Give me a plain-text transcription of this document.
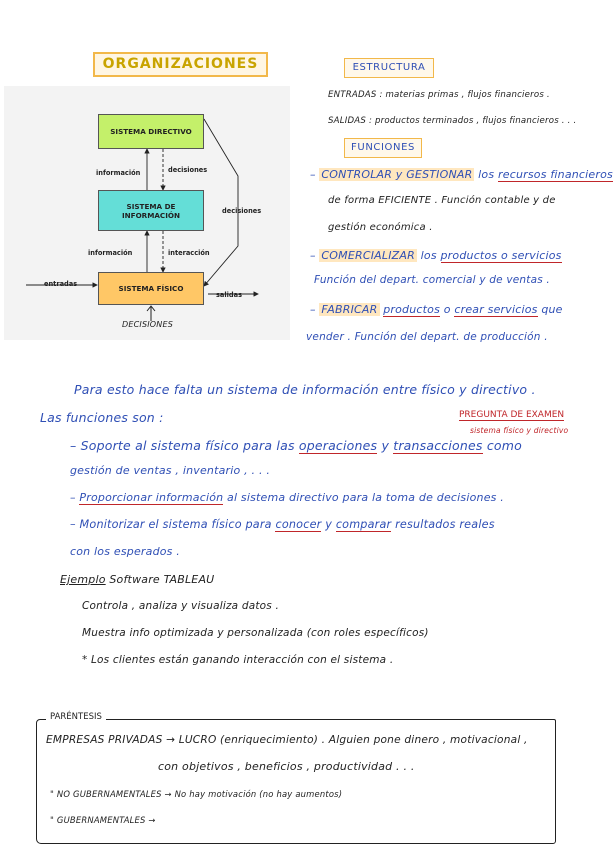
ORGANIZACIONES
SISTEMA DIRECTIVO
SISTEMA DE INFORMACIÓN
SISTEMA FÍSICO
información	decisiones
información	interacción
decisiones
entradas
salidas
DECISIONES
ESTRUCTURA
ENTRADAS : materias primas , flujos financieros .
SALIDAS : productos terminados , flujos financieros . . .
FUNCIONES
– CONTROLAR y GESTIONAR los recursos financieros
de forma EFICIENTE . Función contable y de
gestión económica .
– COMERCIALIZAR los productos o servicios
Función del depart. comercial y de ventas .
– FABRICAR productos o crear servicios que
vender . Función del depart. de producción .
Para esto hace falta un sistema de información entre físico y directivo .
Las funciones son :	PREGUNTA DE EXAMEN
sistema físico y directivo
– Soporte al sistema físico para las operaciones y transacciones como
gestión de ventas , inventario , . . .
– Proporcionar información al sistema directivo para la toma de decisiones .
– Monitorizar el sistema físico para conocer y comparar resultados reales
con los esperados .
Ejemplo Software TABLEAU
Controla , analiza y visualiza datos .
Muestra info optimizada y personalizada (con roles específicos)
* Los clientes están ganando interacción con el sistema .
PARÉNTESIS
EMPRESAS PRIVADAS → LUCRO (enriquecimiento) . Alguien pone dinero , motivacional ,
con objetivos , beneficios , productividad . . .
" NO GUBERNAMENTALES → No hay motivación (no hay aumentos)
" GUBERNAMENTALES →
